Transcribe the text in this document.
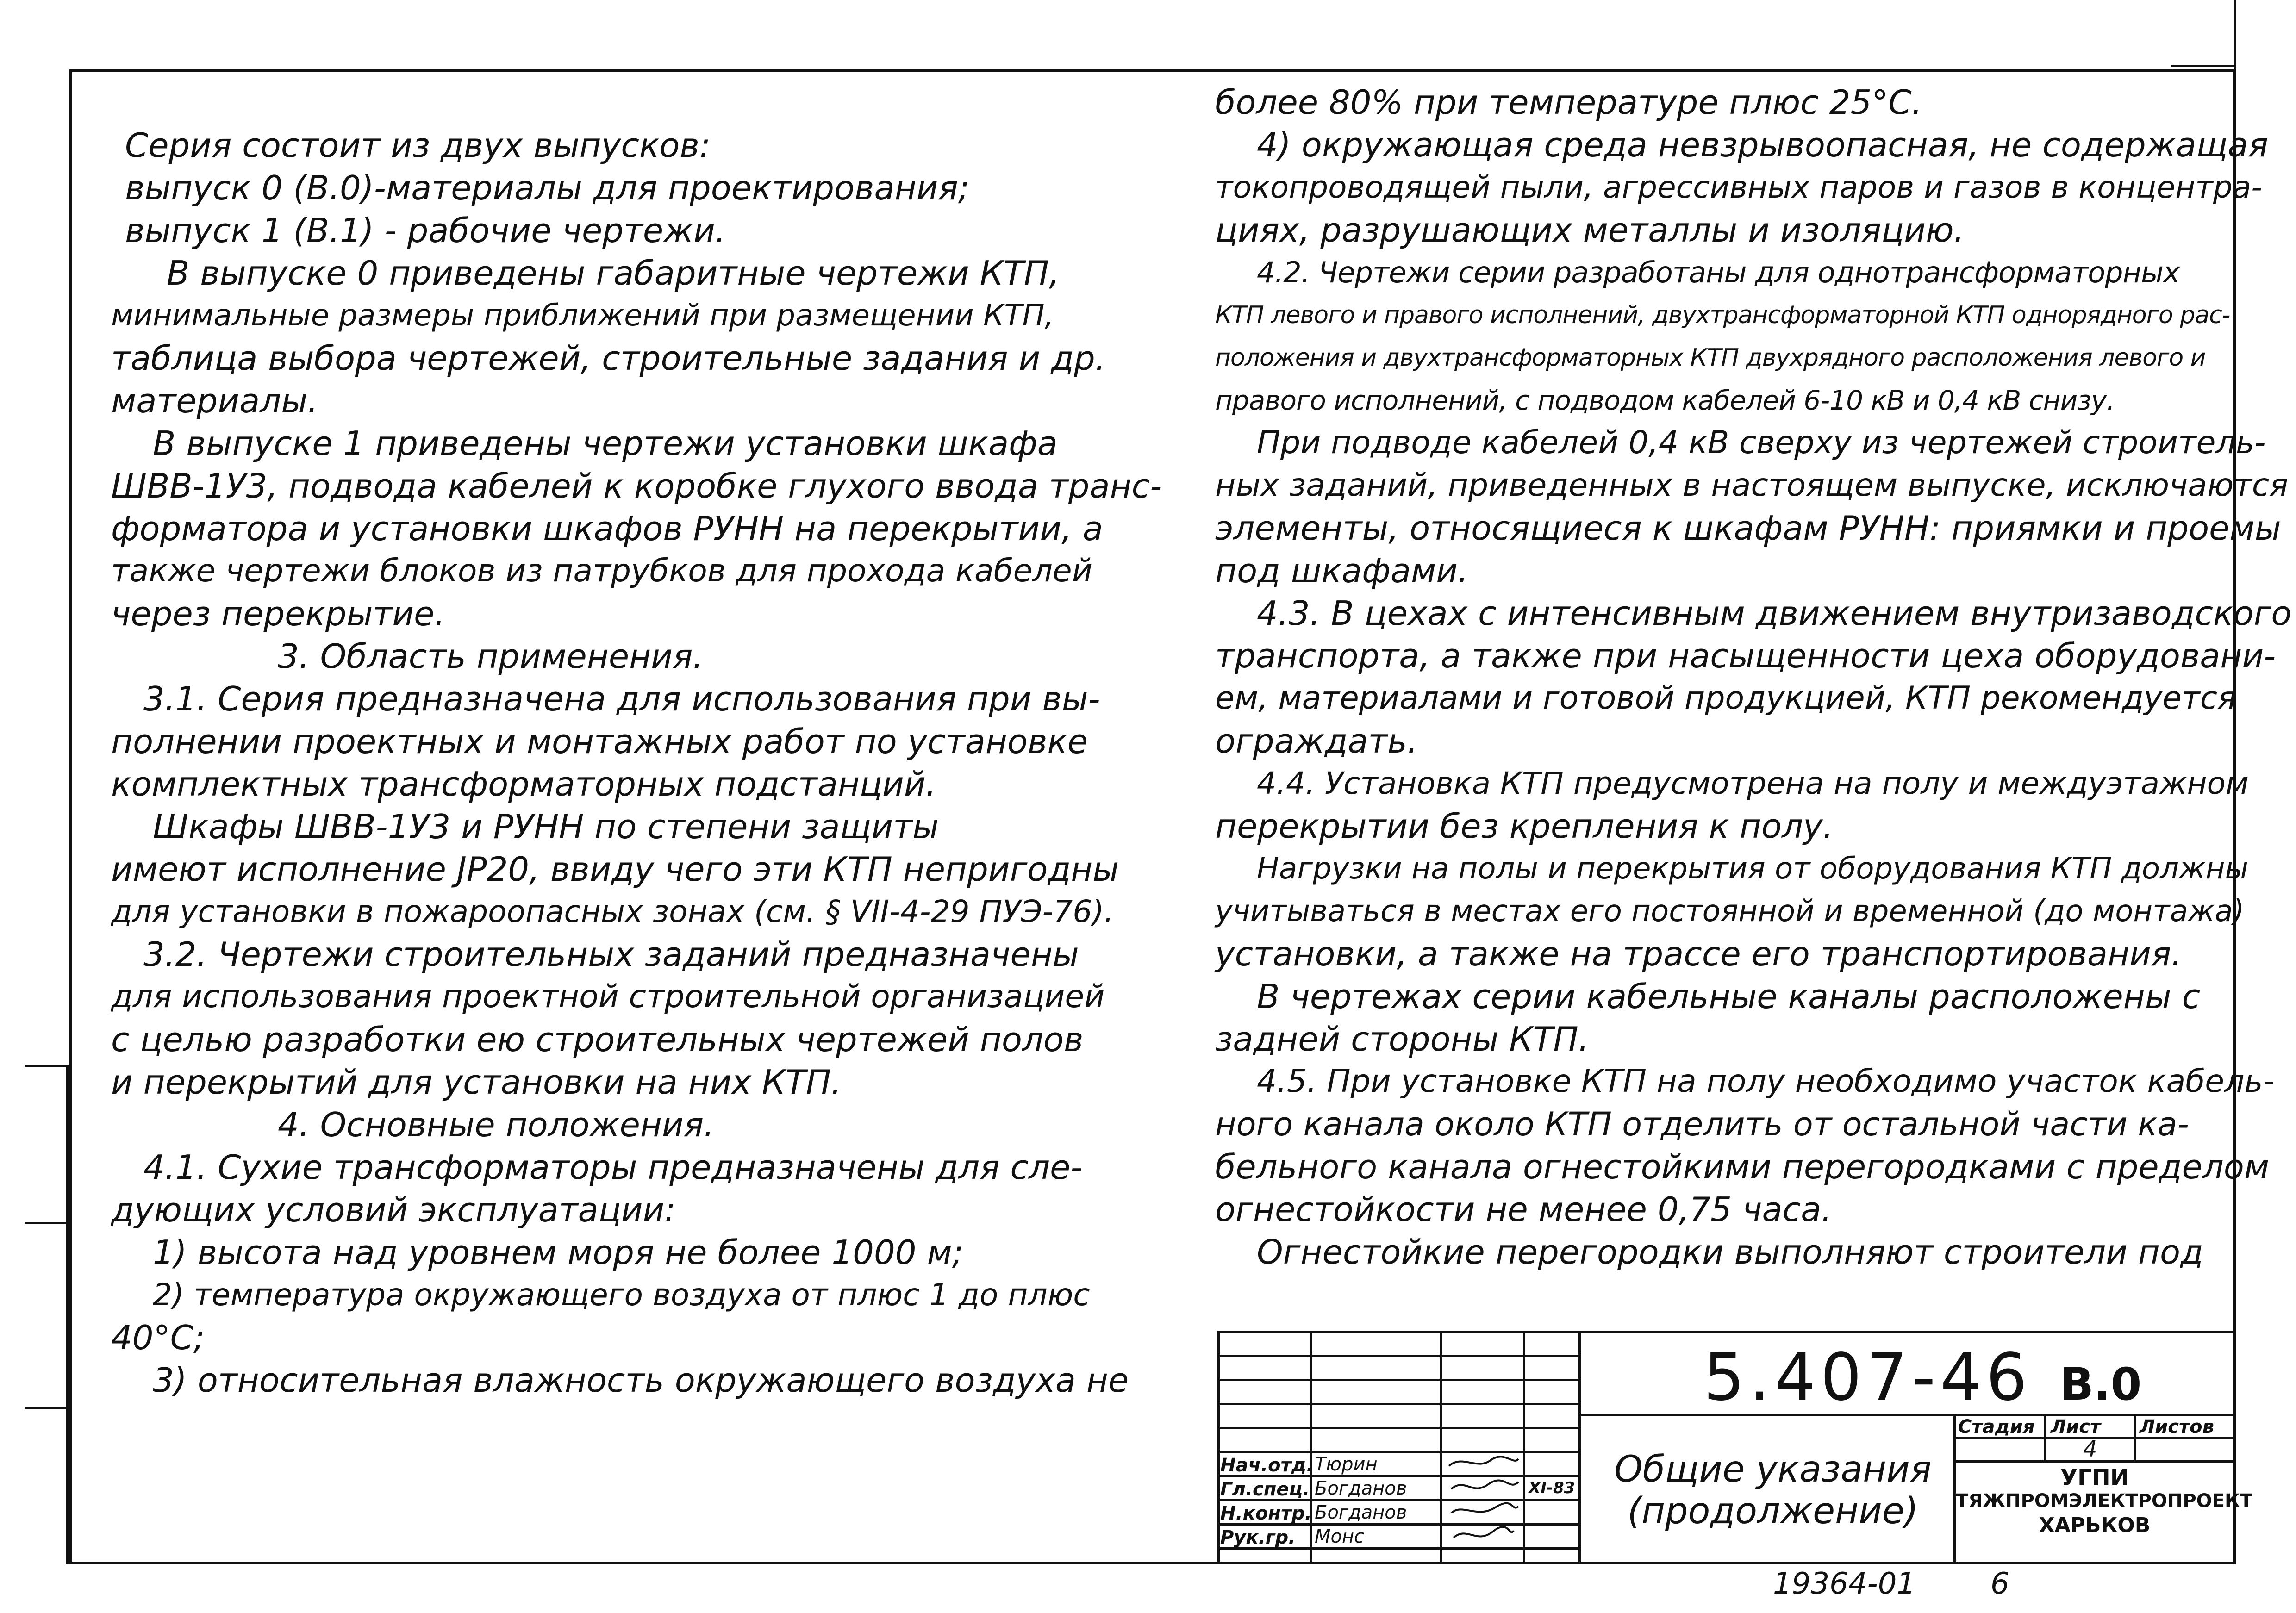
Серия состоит из двух выпусков:
выпуск 0 (В.0)-материалы для проектирования;
выпуск 1 (В.1) - рабочие чертежи.
В выпуске 0 приведены габаритные чертежи КТП,
минимальные размеры приближений при размещении КТП,
таблица выбора чертежей, строительные задания и др.
материалы.
В выпуске 1 приведены чертежи установки шкафа
ШВВ-1У3, подвода кабелей к коробке глухого ввода транс-
форматора и установки шкафов РУНН на перекрытии, а
также чертежи блоков из патрубков для прохода кабелей
через перекрытие.
3. Область применения.
3.1. Серия предназначена для использования при вы-
полнении проектных и монтажных работ по установке
комплектных трансформаторных подстанций.
Шкафы ШВВ-1У3 и РУНН по степени защиты
имеют исполнение ЈР20, ввиду чего эти КТП непригодны
для установки в пожароопасных зонах (см. § VII-4-29 ПУЭ-76).
3.2. Чертежи строительных заданий предназначены
для использования проектной строительной организацией
с целью разработки ею строительных чертежей полов
и перекрытий для установки на них КТП.
4. Основные положения.
4.1. Сухие трансформаторы предназначены для сле-
дующих условий эксплуатации:
1) высота над уровнем моря не более 1000 м;
2) температура окружающего воздуха от плюс 1 до плюс
40°С;
3) относительная влажность окружающего воздуха не
более 80% при температуре плюс 25°С.
4) окружающая среда невзрывоопасная, не содержащая
токопроводящей пыли, агрессивных паров и газов в концентра-
циях, разрушающих металлы и изоляцию.
4.2. Чертежи серии разработаны для однотрансформаторных
КТП левого и правого исполнений, двухтрансформаторной КТП однорядного рас-
положения и двухтрансформаторных КТП двухрядного расположения левого и
правого исполнений, с подводом кабелей 6-10 кВ и 0,4 кВ снизу.
При подводе кабелей 0,4 кВ сверху из чертежей строитель-
ных заданий, приведенных в настоящем выпуске, исключаются
элементы, относящиеся к шкафам РУНН: приямки и проемы
под шкафами.
4.3. В цехах с интенсивным движением внутризаводского
транспорта, а также при насыщенности цеха оборудовани-
ем, материалами и готовой продукцией, КТП рекомендуется
ограждать.
4.4. Установка КТП предусмотрена на полу и междуэтажном
перекрытии без крепления к полу.
Нагрузки на полы и перекрытия от оборудования КТП должны
учитываться в местах его постоянной и временной (до монтажа)
установки, а также на трассе его транспортирования.
В чертежах серии кабельные каналы расположены с
задней стороны КТП.
4.5. При установке КТП на полу необходимо участок кабель-
ного канала около КТП отделить от остальной части ка-
бельного канала огнестойкими перегородками с пределом
огнестойкости не менее 0,75 часа.
Огнестойкие перегородки выполняют строители под
5.407-46 В.0
Стадия Лист Листов
4
Общие указания
(продолжение)
УГПИ
ТЯЖПРОМЭЛЕКТРОПРОЕКТ
ХАРЬКОВ
Нач.отд.
Гл.спец.
Н.контр.
Рук.гр.
Тюрин
Богданов
Богданов
Монс
XI-83
19364-01	6
